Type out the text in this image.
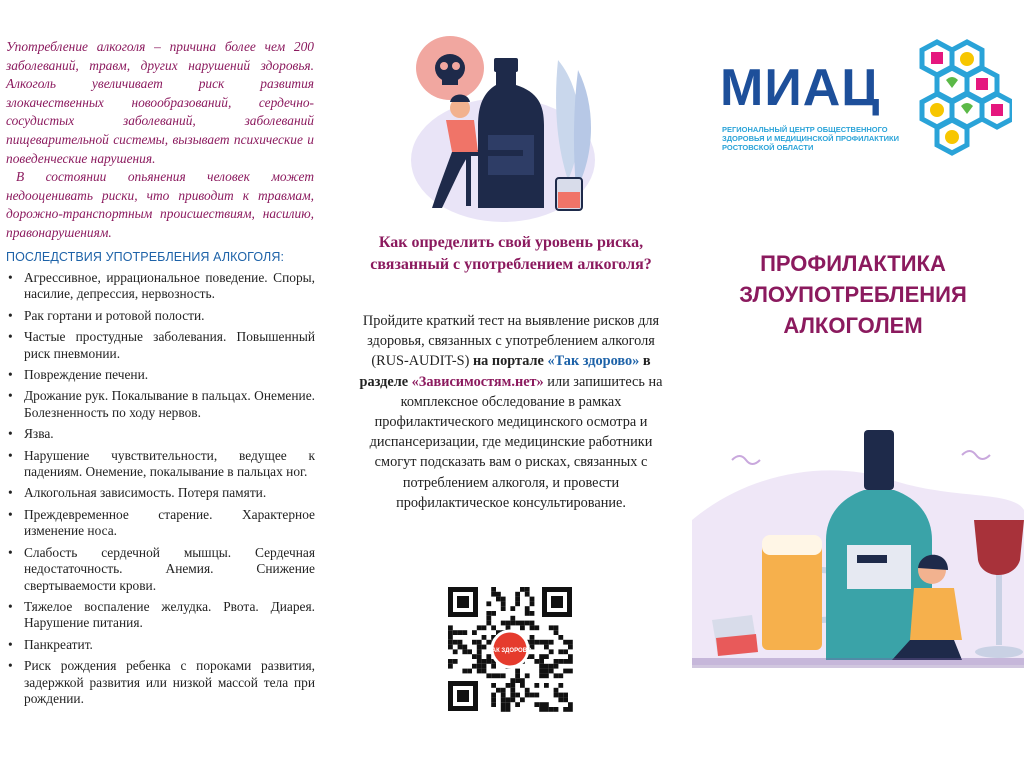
Употребление алкоголя – причина более чем 200 заболеваний, травм, других нарушений здоровья. Алкоголь увеличивает риск развития злокачественных новообразований, сердечно-сосудистых заболеваний, заболеваний пищеварительной системы, вызывает психические и поведенческие нарушения.

В состоянии опьянения человек может недооценивать риски, что приводит к травмам, дорожно-транспортным происшествиям, насилию, правонарушениям.

ПОСЛЕДСТВИЯ УПОТРЕБЛЕНИЯ АЛКОГОЛЯ:
• Агрессивное, иррациональное поведение. Споры, насилие, депрессия, нервозность.
• Рак гортани и ротовой полости.
• Частые простудные заболевания. Повышенный риск пневмонии.
• Повреждение печени.
• Дрожание рук. Покалывание в пальцах. Онемение. Болезненность по ходу нервов.
• Язва.
• Нарушение чувствительности, ведущее к падениям. Онемение, покалывание в пальцах ног.
• Алкогольная зависимость. Потеря памяти.
• Преждевременное старение. Характерное изменение носа.
• Слабость сердечной мышцы. Сердечная недостаточность. Анемия. Снижение свертываемости крови.
• Тяжелое воспаление желудка. Рвота. Диарея. Нарушение питания.
• Панкреатит.
• Риск рождения ребенка с пороками развития, задержкой развития или низкой массой тела при рождении.
Как определить свой уровень риска, связанный с употреблением алкоголя?
Пройдите краткий тест на выявление рисков для здоровья, связанных с употреблением алкоголя (RUS-AUDIT-S) на портале «Так здорово» в разделе «Зависимостям.нет» или запишитесь на комплексное обследование в рамках профилактического медицинского осмотра и диспансеризации, где медицинские работники смогут подсказать вам о рисках, связанных с потреблением алкоголя, и провести профилактическое консультирование.
ТАК ЗДОРОВО
МИАЦ
РЕГИОНАЛЬНЫЙ ЦЕНТР ОБЩЕСТВЕННОГО
ЗДОРОВЬЯ И МЕДИЦИНСКОЙ ПРОФИЛАКТИКИ
РОСТОВСКОЙ ОБЛАСТИ
ПРОФИЛАКТИКА
ЗЛОУПОТРЕБЛЕНИЯ
АЛКОГОЛЕМ
